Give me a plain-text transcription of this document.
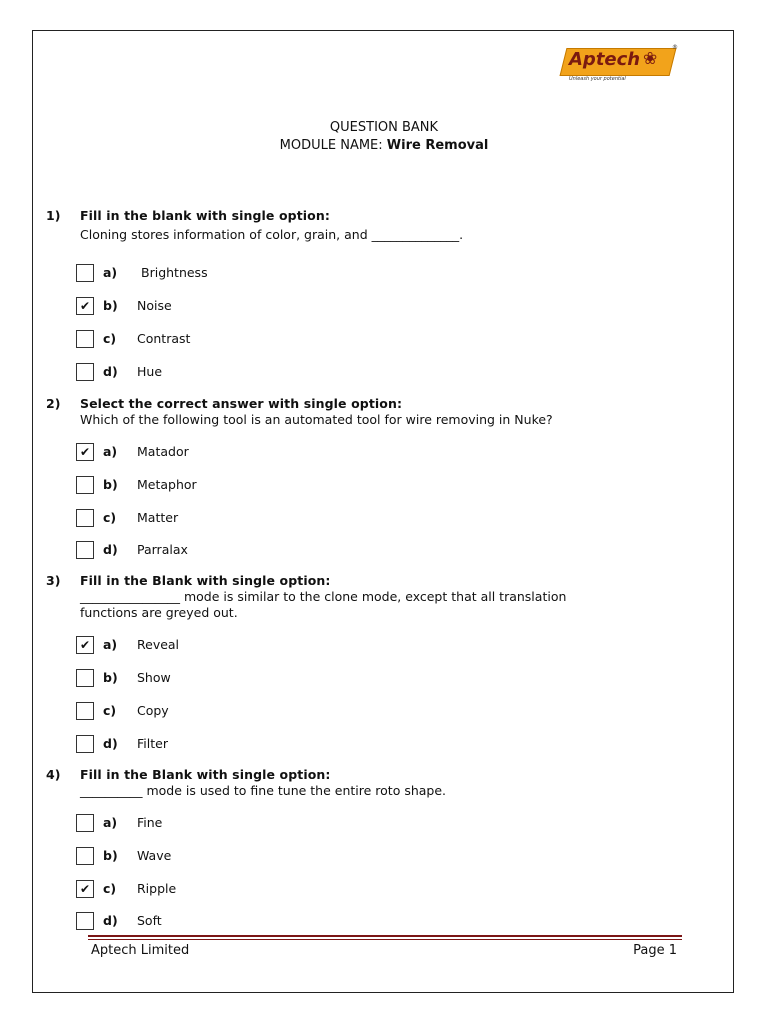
Aptech ❀
Unleash your potential
®
QUESTION BANK
MODULE NAME: Wire Removal
1) Fill in the blank with single option:
Cloning stores information of color, grain, and ______________.
a) Brightness
✔	b) Noise
c) Contrast
d) Hue
2) Select the correct answer with single option:
Which of the following tool is an automated tool for wire removing in Nuke?
✔	a) Matador
b) Metaphor
c) Matter
d) Parralax
3) Fill in the Blank with single option:
________________ mode is similar to the clone mode, except that all translation
functions are greyed out.
✔	a) Reveal
b) Show
c) Copy
d) Filter
4) Fill in the Blank with single option:
__________ mode is used to fine tune the entire roto shape.
a) Fine
b) Wave
✔	c) Ripple
d) Soft
Aptech Limited	Page 1
